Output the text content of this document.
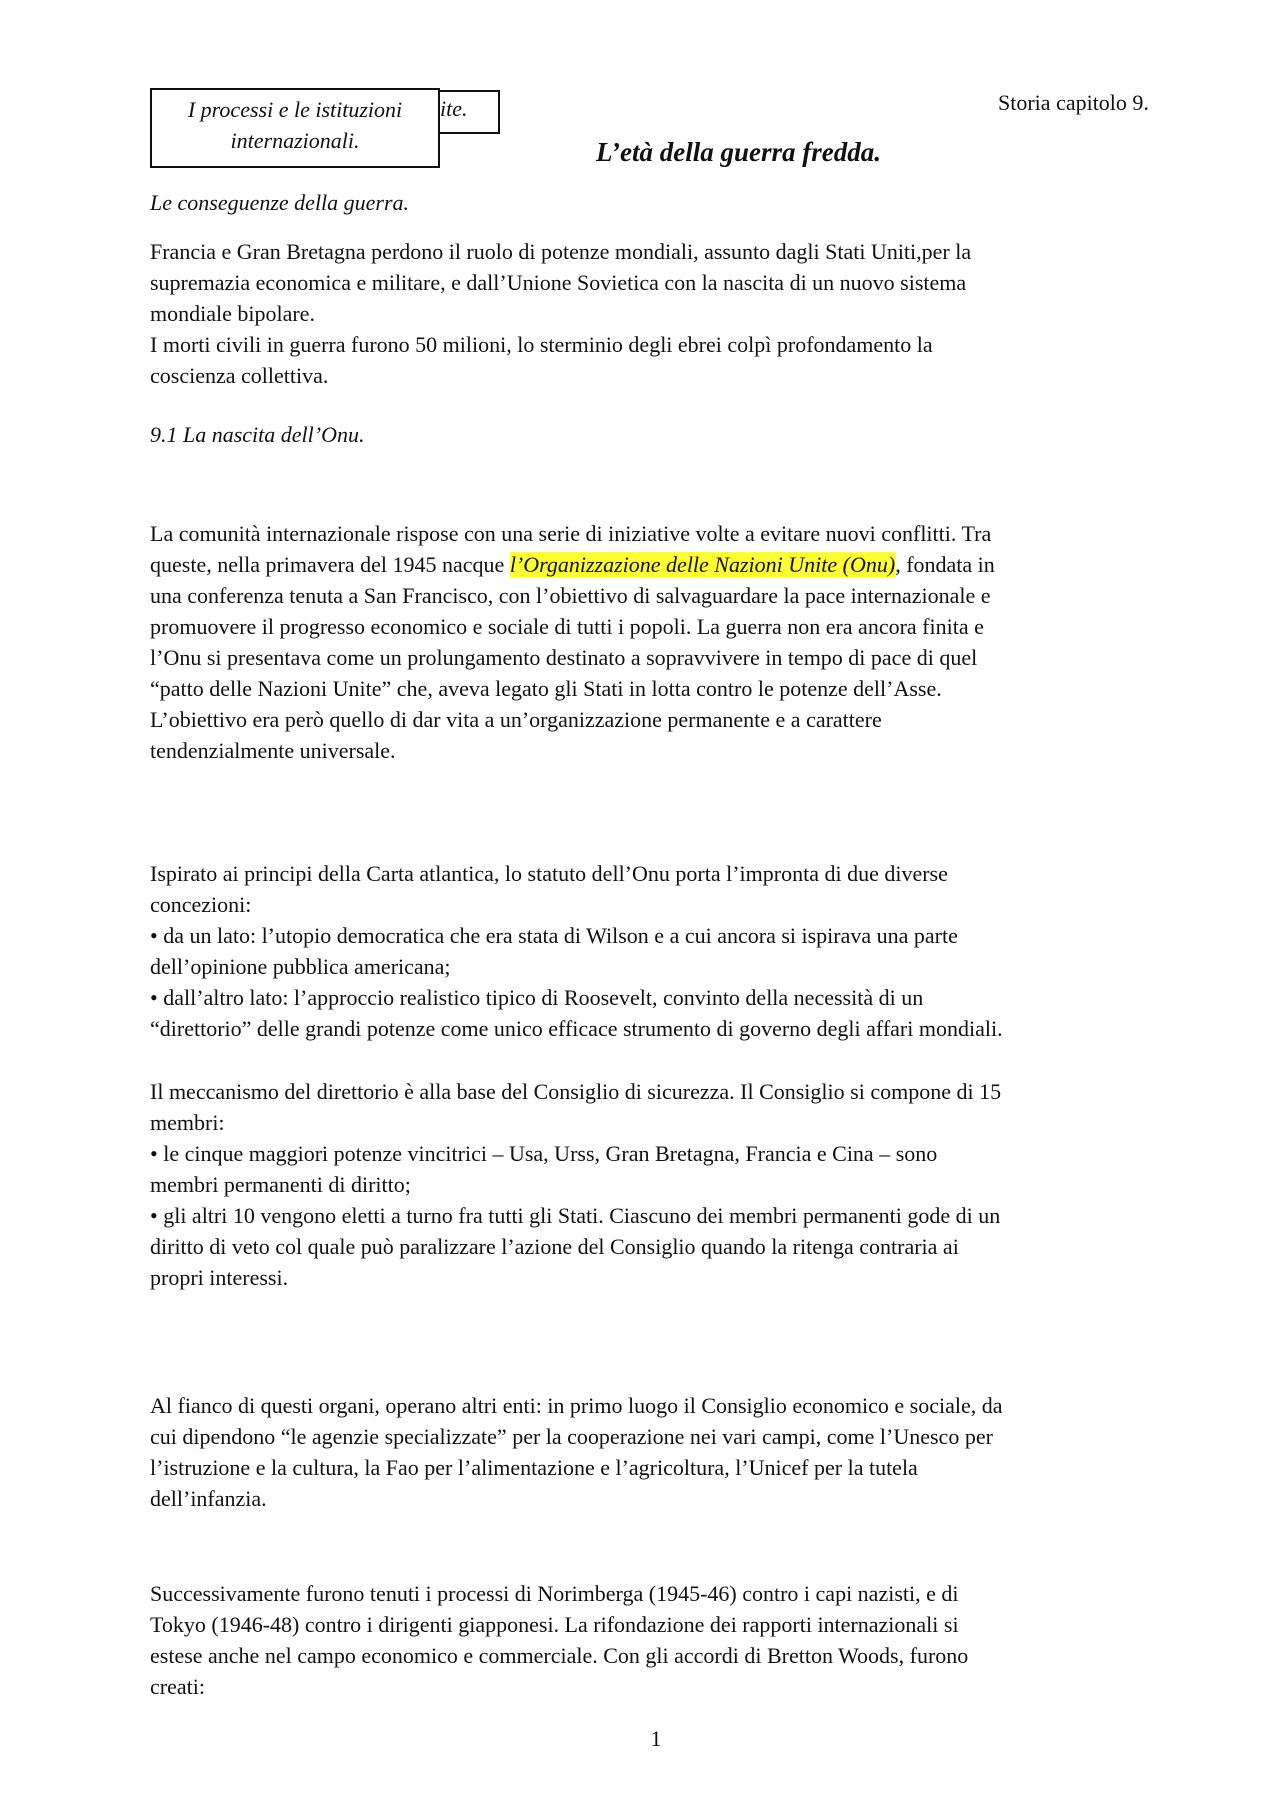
ite.
I processi e le istituzioni
internazionali.
Storia capitolo 9.
L’età della guerra fredda.
Le conseguenze della guerra.
Francia e Gran Bretagna perdono il ruolo di potenze mondiali, assunto dagli Stati Uniti,per la
supremazia economica e militare, e dall’Unione Sovietica con la nascita di un nuovo sistema
mondiale bipolare.
I morti civili in guerra furono 50 milioni, lo sterminio degli ebrei colpì profondamento la
coscienza collettiva.
9.1 La nascita dell’Onu.
La comunità internazionale rispose con una serie di iniziative volte a evitare nuovi conflitti. Tra
queste, nella primavera del 1945 nacque l’Organizzazione delle Nazioni Unite (Onu), fondata in
una conferenza tenuta a San Francisco, con l’obiettivo di salvaguardare la pace internazionale e
promuovere il progresso economico e sociale di tutti i popoli. La guerra non era ancora finita e
l’Onu si presentava come un prolungamento destinato a sopravvivere in tempo di pace di quel
“patto delle Nazioni Unite” che, aveva legato gli Stati in lotta contro le potenze dell’Asse.
L’obiettivo era però quello di dar vita a un’organizzazione permanente e a carattere
tendenzialmente universale.
Ispirato ai principi della Carta atlantica, lo statuto dell’Onu porta l’impronta di due diverse
concezioni:
• da un lato: l’utopio democratica che era stata di Wilson e a cui ancora si ispirava una parte
dell’opinione pubblica americana;
• dall’altro lato: l’approccio realistico tipico di Roosevelt, convinto della necessità di un
“direttorio” delle grandi potenze come unico efficace strumento di governo degli affari mondiali.
Il meccanismo del direttorio è alla base del Consiglio di sicurezza. Il Consiglio si compone di 15
membri:
• le cinque maggiori potenze vincitrici – Usa, Urss, Gran Bretagna, Francia e Cina – sono
membri permanenti di diritto;
• gli altri 10 vengono eletti a turno fra tutti gli Stati. Ciascuno dei membri permanenti gode di un
diritto di veto col quale può paralizzare l’azione del Consiglio quando la ritenga contraria ai
propri interessi.
Al fianco di questi organi, operano altri enti: in primo luogo il Consiglio economico e sociale, da
cui dipendono “le agenzie specializzate” per la cooperazione nei vari campi, come l’Unesco per
l’istruzione e la cultura, la Fao per l’alimentazione e l’agricoltura, l’Unicef per la tutela
dell’infanzia.
Successivamente furono tenuti i processi di Norimberga (1945-46) contro i capi nazisti, e di
Tokyo (1946-48) contro i dirigenti giapponesi. La rifondazione dei rapporti internazionali si
estese anche nel campo economico e commerciale. Con gli accordi di Bretton Woods, furono
creati:
1
